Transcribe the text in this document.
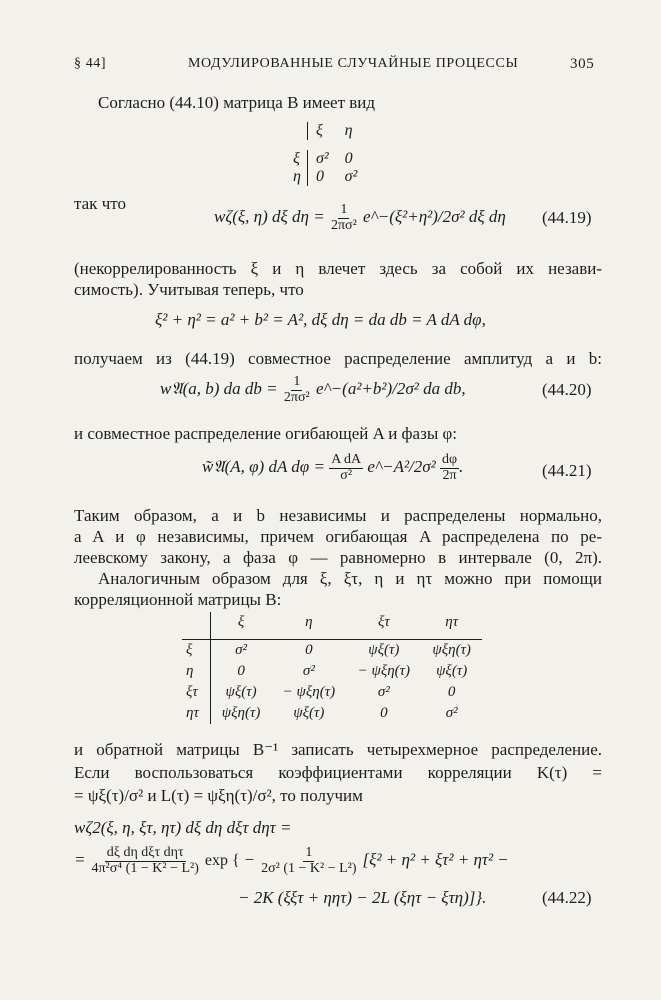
§ 44]	МОДУЛИРОВАННЫЕ СЛУЧАЙНЫЕ ПРОЦЕССЫ	305
Согласно (44.10) матрица B имеет вид
	ξ	η

ξ	σ²	0
η	0	σ²
так что
wζ(ξ, η) dξ $d\eta = \frac{1}{\text{2πσ²}}$ e^−(ξ²+η²)/2σ² dξ dη (44.19)
(некоррелированность ξ и η влечет здесь за собой их незави-
симость). Учитывая теперь, что
ξ² + η² = a² + b² = A², dξ dη = da db = A dA dφ,
получаем из (44.19) совместное распределение амплитуд a и b:
w𝔄(a, b) da db = $\frac{1}{\text{2πσ²}}$ e^−(a²+b²)/2σ² da db,	(44.20)
и совместное распределение огибающей A и фазы φ:
w̃𝔄(A, φ) dA $d\varphi = \frac{\text{A dA}}{\text{σ²}}$ e^−A²/2σ² $\frac{d\varphi}{2\pi}$ .	(44.21)
Таким образом, a и b независимы и распределены нормально,
a A и φ независимы, причем огибающая A распределена по ре-
леевскому закону, а фаза φ — равномерно в интервале (0, 2π).
Аналогичным образом для ξ, ξτ, η и ητ можно при помощи
корреляционной матрицы B:
	ξ	η	ξτ	ητ
ξ	σ²	0	ψξ(τ)	ψξη(τ)
η	0	σ²	− ψξη(τ)	ψξ(τ)
ξτ	ψξ(τ)	− ψξη(τ)	σ²	0
ητ	ψξη(τ)	ψξ(τ)	0	σ²
и обратной матрицы B⁻¹ записать четырехмерное распределение.
Если воспользоваться коэффициентами корреляции K(τ) =
= ψξ(τ)/σ² и L(τ) = ψξη(τ)/σ², то получим
wζ2(ξ, η, ξτ, ητ) dξ dη dξτ dητ =
= $\frac{\text{dξ dη dξτ dητ}}{\text{4π²σ⁴ (1 − K² − L²)}}$ exp { − $\frac{1}{\text{2σ² (1 − K² − L²)}} [\xi^2 + \eta^2 + \xi\tau^2 + \eta\tau^2$ −
− 2K (ξξτ + ηητ) − 2L (ξητ − ξτη)]}.	(44.22)
